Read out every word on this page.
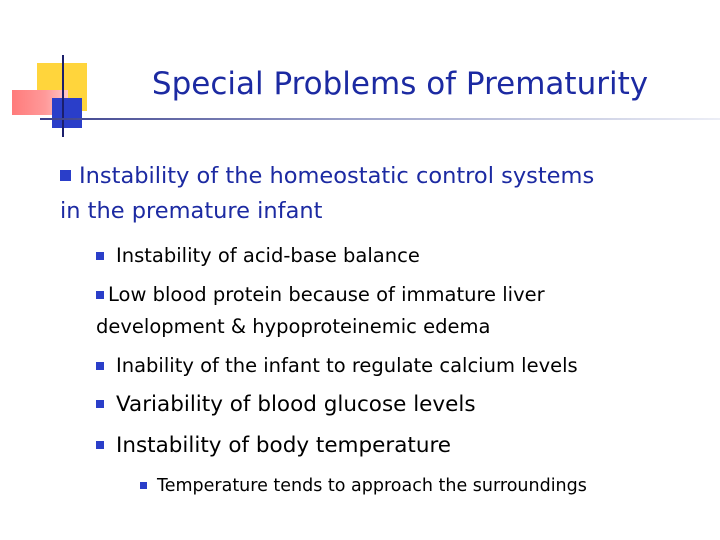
Special Problems of Prematurity
Instability of the homeostatic control systems
in the premature infant
Instability of acid-base balance
Low blood protein because of immature liver
development & hypoproteinemic edema
Inability of the infant to regulate calcium levels
Variability of blood glucose levels
Instability of body temperature
Temperature tends to approach the surroundings
